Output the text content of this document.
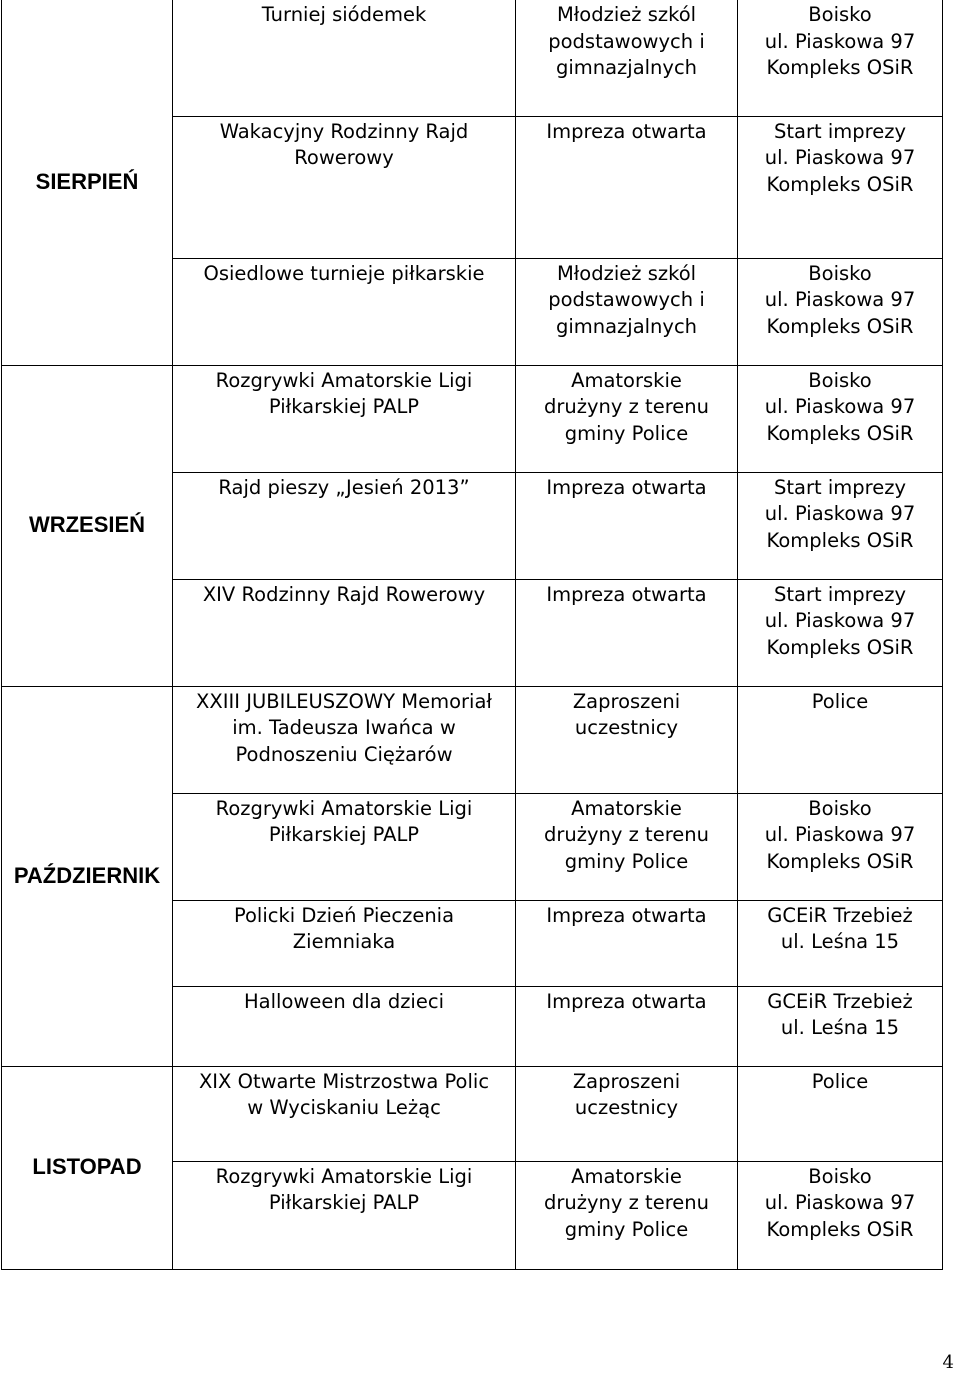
SIERPIEŃ	Turniej siódemek	Młodzież szkól
podstawowych i
gimnazjalnych	Boisko
ul. Piaskowa 97
Kompleks OSiR
	Wakacyjny Rodzinny Rajd
Rowerowy	Impreza otwarta	Start imprezy
ul. Piaskowa 97
Kompleks OSiR
	Osiedlowe turnieje piłkarskie	Młodzież szkól
podstawowych i
gimnazjalnych	Boisko
ul. Piaskowa 97
Kompleks OSiR
WRZESIEŃ	Rozgrywki Amatorskie Ligi
Piłkarskiej PALP	Amatorskie
drużyny z terenu
gminy Police	Boisko
ul. Piaskowa 97
Kompleks OSiR
	Rajd pieszy „Jesień 2013”	Impreza otwarta	Start imprezy
ul. Piaskowa 97
Kompleks OSiR
	XIV Rodzinny Rajd Rowerowy	Impreza otwarta	Start imprezy
ul. Piaskowa 97
Kompleks OSiR
PAŹDZIERNIK	XXIII JUBILEUSZOWY Memoriał
im. Tadeusza Iwańca w
Podnoszeniu Ciężarów	Zaproszeni
uczestnicy	Police
	Rozgrywki Amatorskie Ligi
Piłkarskiej PALP	Amatorskie
drużyny z terenu
gminy Police	Boisko
ul. Piaskowa 97
Kompleks OSiR
	Policki Dzień Pieczenia
Ziemniaka	Impreza otwarta	GCEiR Trzebież
ul. Leśna 15
	Halloween dla dzieci	Impreza otwarta	GCEiR Trzebież
ul. Leśna 15
LISTOPAD	XIX Otwarte Mistrzostwa Polic
w Wyciskaniu Leżąc	Zaproszeni
uczestnicy	Police
	Rozgrywki Amatorskie Ligi
Piłkarskiej PALP	Amatorskie
drużyny z terenu
gminy Police	Boisko
ul. Piaskowa 97
Kompleks OSiR
4
